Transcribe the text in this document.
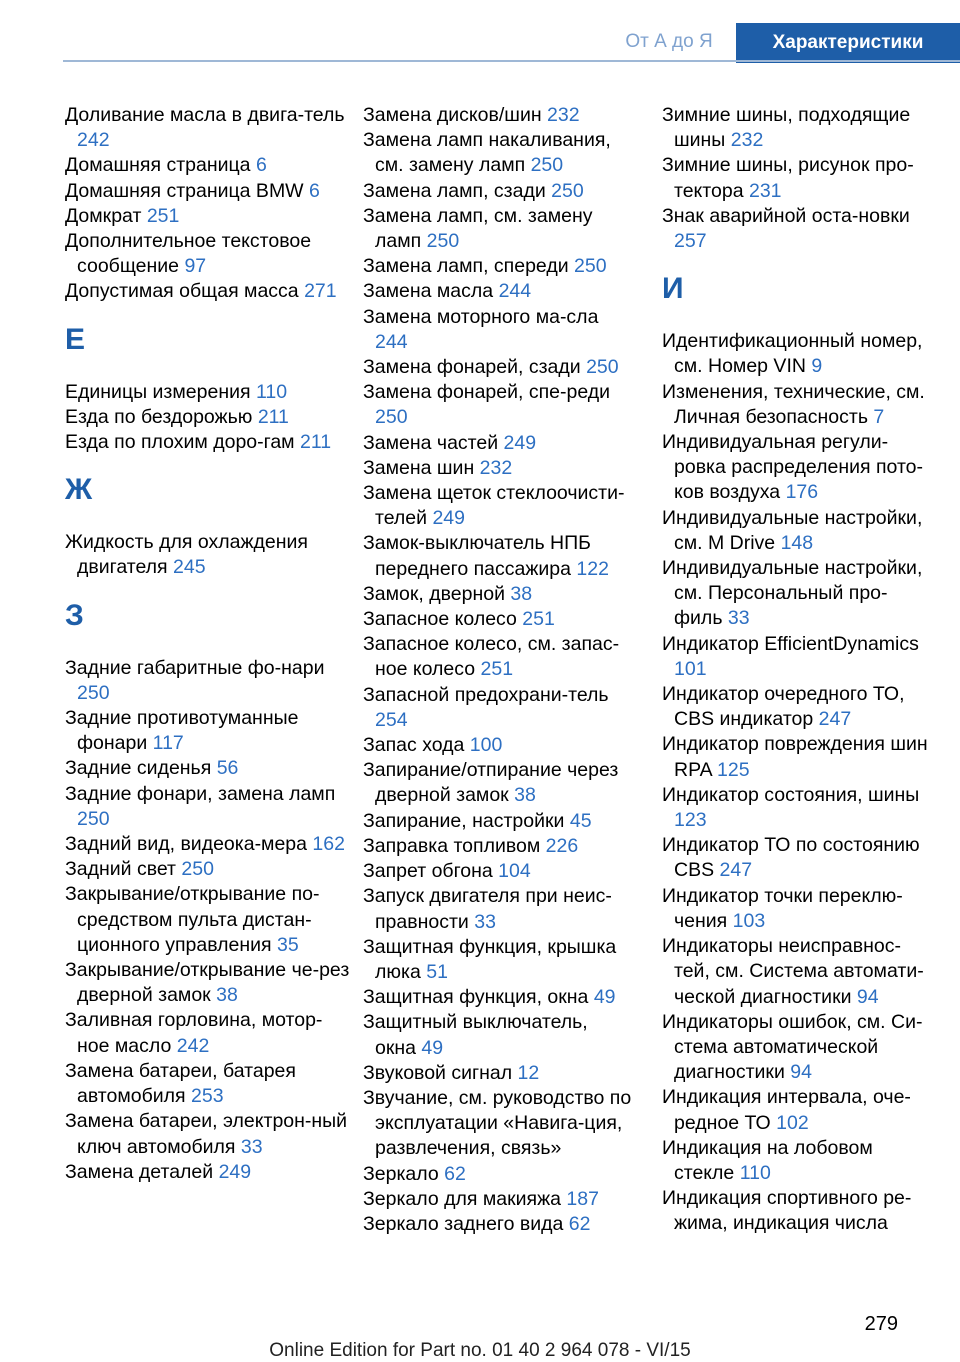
От А до Я	Характеристики
Доливание масла в двига-тель 242
Домашняя страница 6
Домашняя страница BMW 6
Домкрат 251
Дополнительное текстовое сообщение 97
Допустимая общая масса 271
Е
Единицы измерения 110
Езда по бездорожью 211
Езда по плохим доро-гам 211
Ж
Жидкость для охлаждения двигателя 245
З
Задние габаритные фо-нари 250
Задние противотуманные фонари 117
Задние сиденья 56
Задние фонари, замена ламп 250
Задний вид, видеока-мера 162
Задний свет 250
Закрывание/открывание по-средством пульта дистан-ционного управления 35
Закрывание/открывание че-рез дверной замок 38
Заливная горловина, мотор-ное масло 242
Замена батареи, батарея автомобиля 253
Замена батареи, электрон-ный ключ автомобиля 33
Замена деталей 249
Замена дисков/шин 232
Замена ламп накаливания, см. замену ламп 250
Замена ламп, сзади 250
Замена ламп, см. замену ламп 250
Замена ламп, спереди 250
Замена масла 244
Замена моторного ма-сла 244
Замена фонарей, сзади 250
Замена фонарей, спе-реди 250
Замена частей 249
Замена шин 232
Замена щеток стеклоочисти-телей 249
Замок-выключатель НПБ переднего пассажира 122
Замок, дверной 38
Запасное колесо 251
Запасное колесо, см. запас-ное колесо 251
Запасной предохрани-тель 254
Запас хода 100
Запирание/отпирание через дверной замок 38
Запирание, настройки 45
Заправка топливом 226
Запрет обгона 104
Запуск двигателя при неис-правности 33
Защитная функция, крышка люка 51
Защитная функция, окна 49
Защитный выключатель, окна 49
Звуковой сигнал 12
Звучание, см. руководство по эксплуатации «Навига-ция, развлечения, связь»
Зеркало 62
Зеркало для макияжа 187
Зеркало заднего вида 62
Зимние шины, подходящие шины 232
Зимние шины, рисунок про-тектора 231
Знак аварийной оста-новки 257
И
Идентификационный номер, см. Номер VIN 9
Изменения, технические, см. Личная безопасность 7
Индивидуальная регули-ровка распределения пото-ков воздуха 176
Индивидуальные настройки, см. M Drive 148
Индивидуальные настройки, см. Персональный про-филь 33
Индикатор EfficientDynamics 101
Индикатор очередного ТО, CBS индикатор 247
Индикатор повреждения шин RPA 125
Индикатор состояния, шины 123
Индикатор ТО по состоянию CBS 247
Индикатор точки переклю-чения 103
Индикаторы неисправнос-тей, см. Система автомати-ческой диагностики 94
Индикаторы ошибок, см. Си-стема автоматической диагностики 94
Индикация интервала, оче-редное ТО 102
Индикация на лобовом стекле 110
Индикация спортивного ре-жима, индикация числа
279
Online Edition for Part no. 01 40 2 964 078 - VI/15
